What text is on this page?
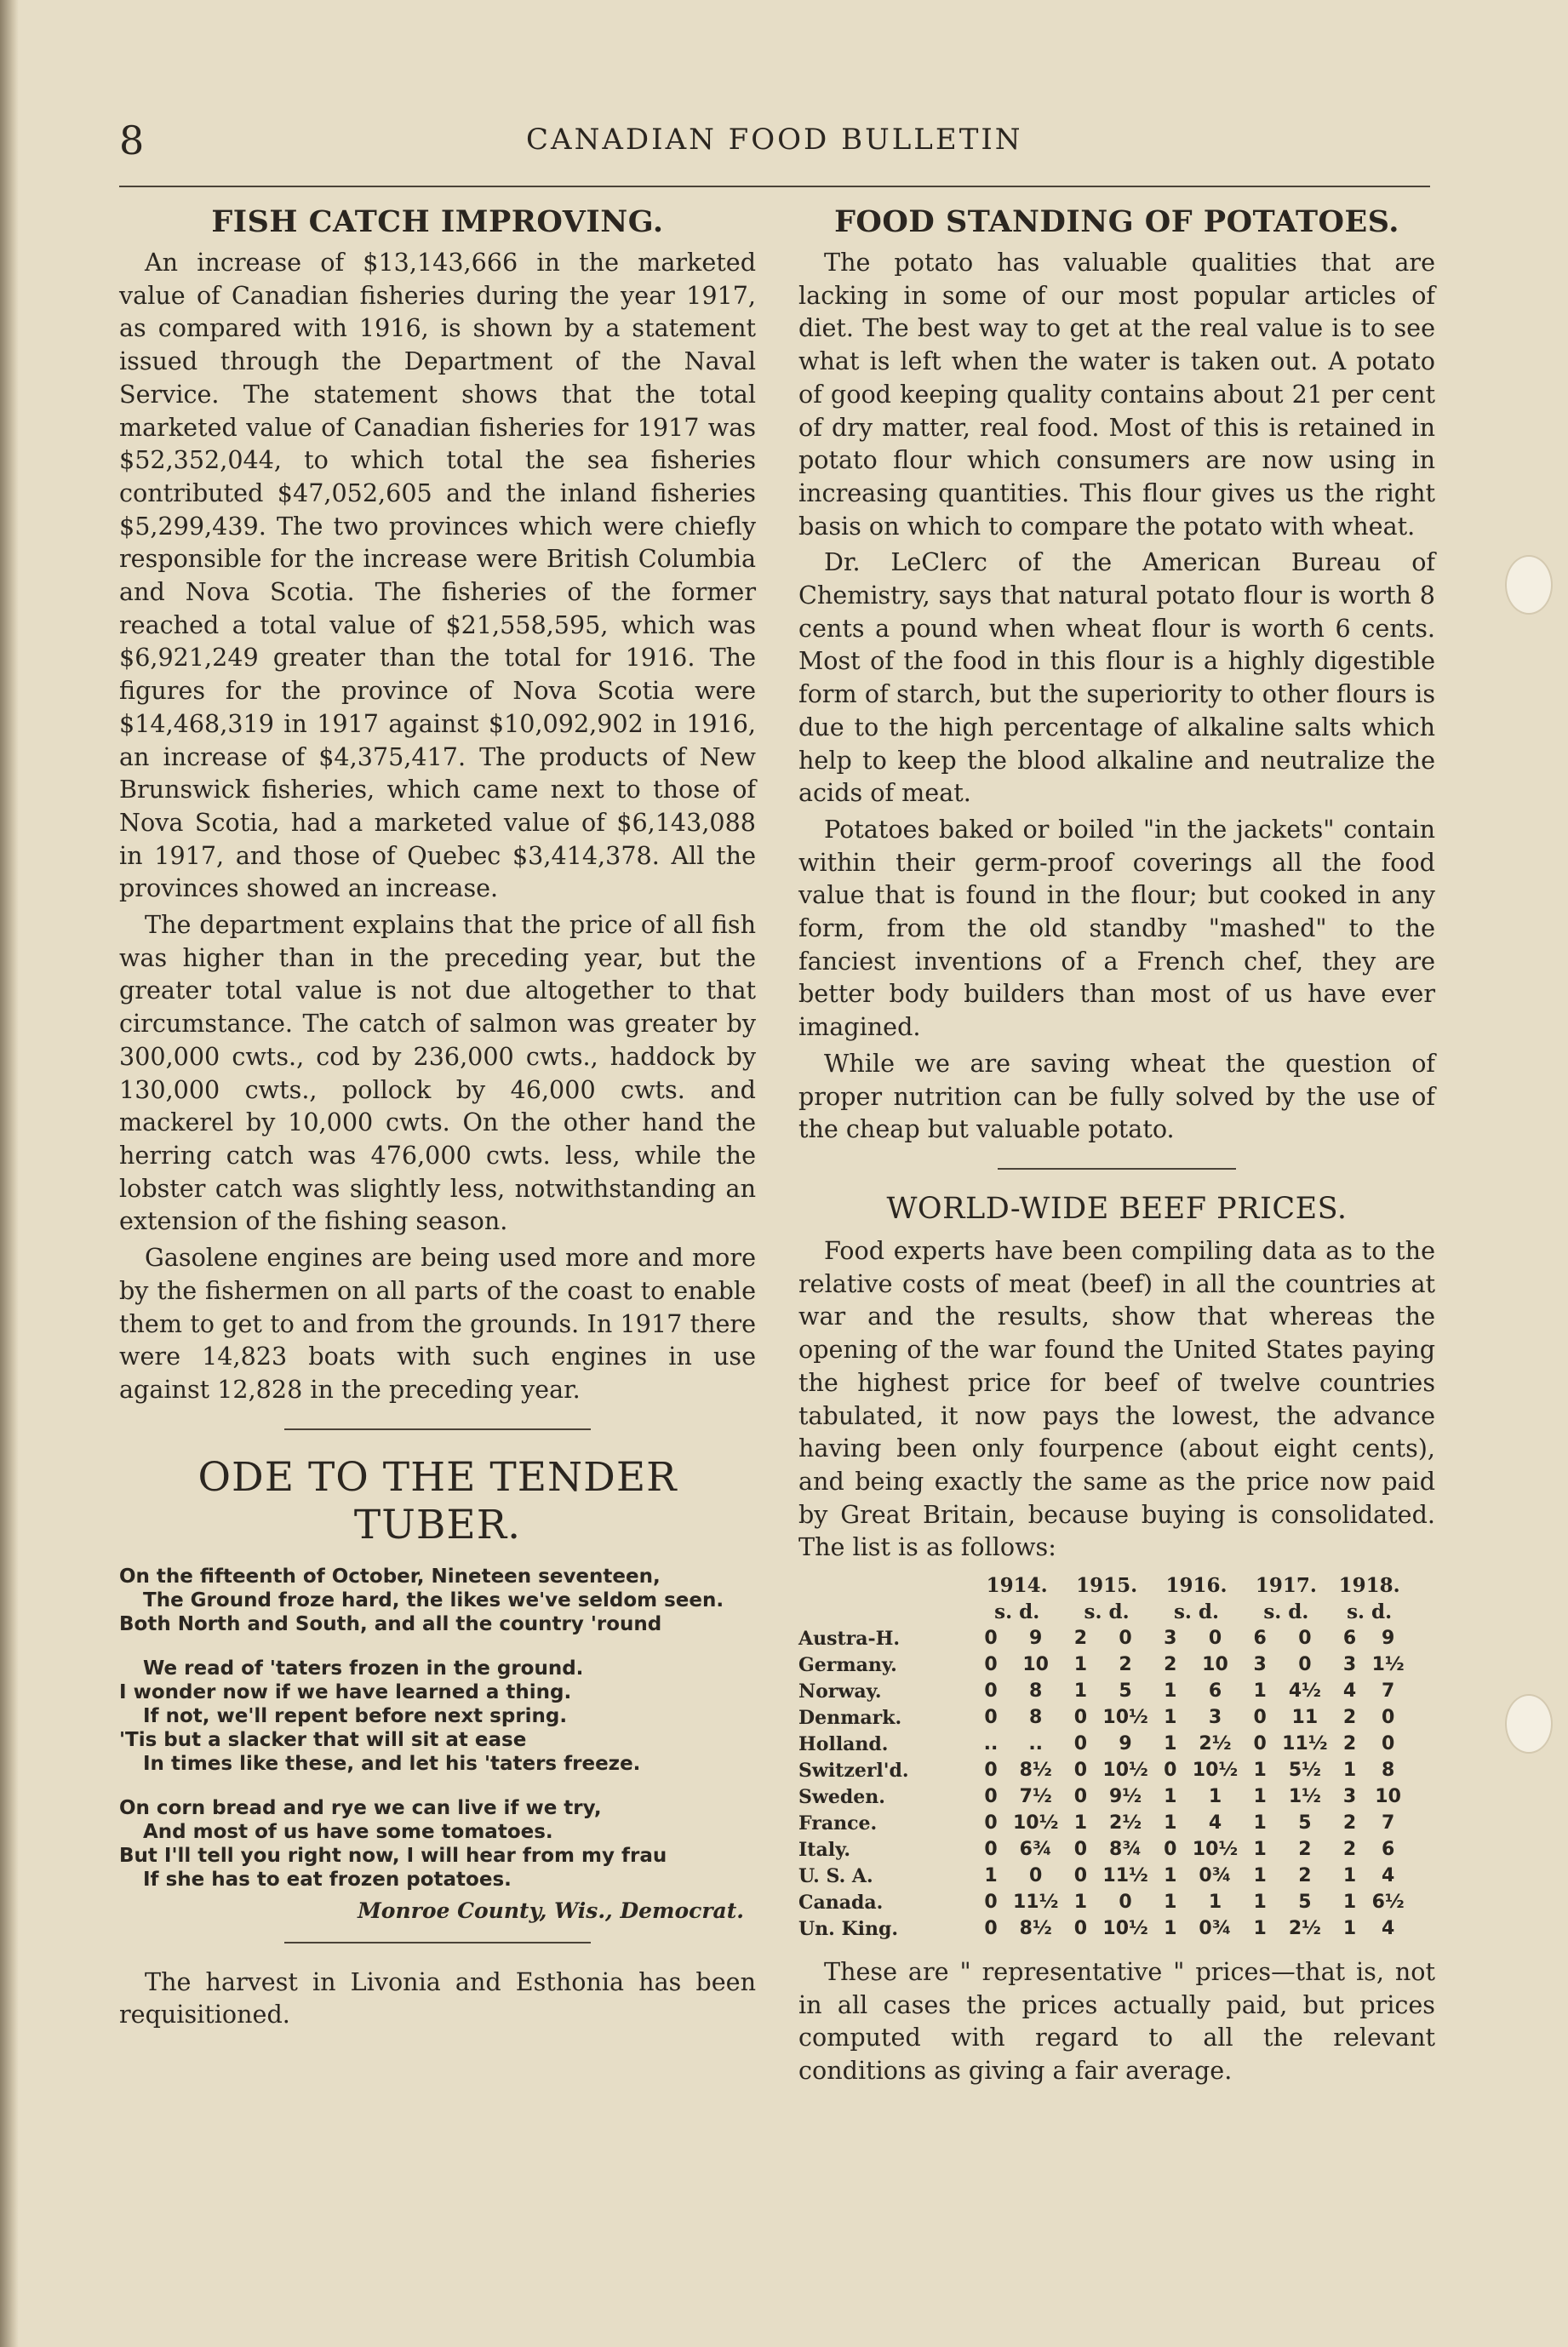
8	CANADIAN FOOD BULLETIN
FISH CATCH IMPROVING.

An increase of $13,143,666 in the marketed value of Canadian fisheries during the year 1917, as compared with 1916, is shown by a statement issued through the Department of the Naval Service. The statement shows that the total marketed value of Canadian fisheries for 1917 was $52,352,044, to which total the sea fisheries contributed $47,052,605 and the inland fisheries $5,299,439. The two provinces which were chiefly responsible for the increase were British Columbia and Nova Scotia. The fisheries of the former reached a total value of $21,558,595, which was $6,921,249 greater than the total for 1916. The figures for the province of Nova Scotia were $14,468,319 in 1917 against $10,092,902 in 1916, an increase of $4,375,417. The products of New Brunswick fisheries, which came next to those of Nova Scotia, had a marketed value of $6,143,088 in 1917, and those of Quebec $3,414,378. All the provinces showed an increase.

The department explains that the price of all fish was higher than in the preceding year, but the greater total value is not due altogether to that circumstance. The catch of salmon was greater by 300,000 cwts., cod by 236,000 cwts., haddock by 130,000 cwts., pollock by 46,000 cwts. and mackerel by 10,000 cwts. On the other hand the herring catch was 476,000 cwts. less, while the lobster catch was slightly less, notwithstanding an extension of the fishing season.

Gasolene engines are being used more and more by the fishermen on all parts of the coast to enable them to get to and from the grounds. In 1917 there were 14,823 boats with such engines in use against 12,828 in the preceding year.

ODE TO THE TENDER TUBER.
On the fifteenth of October, Nineteen seventeen,
The Ground froze hard, the likes we've seldom seen.
Both North and South, and all the country 'round
We read of 'taters frozen in the ground.
I wonder now if we have learned a thing.
If not, we'll repent before next spring.
'Tis but a slacker that will sit at ease
In times like these, and let his 'taters freeze.
On corn bread and rye we can live if we try,
And most of us have some tomatoes.
But I'll tell you right now, I will hear from my frau
If she has to eat frozen potatoes.
Monroe County, Wis., Democrat.

The harvest in Livonia and Esthonia has been requisitioned.

FOOD STANDING OF POTATOES.

The potato has valuable qualities that are lacking in some of our most popular articles of diet. The best way to get at the real value is to see what is left when the water is taken out. A potato of good keeping quality contains about 21 per cent of dry matter, real food. Most of this is retained in potato flour which consumers are now using in increasing quantities. This flour gives us the right basis on which to compare the potato with wheat.

Dr. LeClerc of the American Bureau of Chemistry, says that natural potato flour is worth 8 cents a pound when wheat flour is worth 6 cents. Most of the food in this flour is a highly digestible form of starch, but the superiority to other flours is due to the high percentage of alkaline salts which help to keep the blood alkaline and neutralize the acids of meat.

Potatoes baked or boiled "in the jackets" contain within their germ-proof coverings all the food value that is found in the flour; but cooked in any form, from the old standby "mashed" to the fanciest inventions of a French chef, they are better body builders than most of us have ever imagined.

While we are saving wheat the question of proper nutrition can be fully solved by the use of the cheap but valuable potato.

WORLD-WIDE BEEF PRICES.

Food experts have been compiling data as to the relative costs of meat (beef) in all the countries at war and the results, show that whereas the opening of the war found the United States paying the highest price for beef of twelve countries tabulated, it now pays the lowest, the advance having been only fourpence (about eight cents), and being exactly the same as the price now paid by Great Britain, because buying is consolidated. The list is as follows:

	1914.		1915.		1916.		1917.		1918.	
	s. d.		s. d.		s. d.		s. d.		s. d.	
Austra-H.	0	9	2	0	3	0	6	0	6	9
Germany.	0	10	1	2	2	10	3	0	3	1½
Norway.	0	8	1	5	1	6	1	4½	4	7
Denmark.	0	8	0	10½	1	3	0	11	2	0
Holland.	..	..	0	9	1	2½	0	11½	2	0
Switzerl'd.	0	8½	0	10½	0	10½	1	5½	1	8
Sweden.	0	7½	0	9½	1	1	1	1½	3	10
France.	0	10½	1	2½	1	4	1	5	2	7
Italy.	0	6¾	0	8¾	0	10½	1	2	2	6
U. S. A.	1	0	0	11½	1	0¾	1	2	1	4
Canada.	0	11½	1	0	1	1	1	5	1	6½
Un. King.	0	8½	0	10½	1	0¾	1	2½	1	4

These are " representative " prices—that is, not in all cases the prices actually paid, but prices computed with regard to all the relevant conditions as giving a fair average.
